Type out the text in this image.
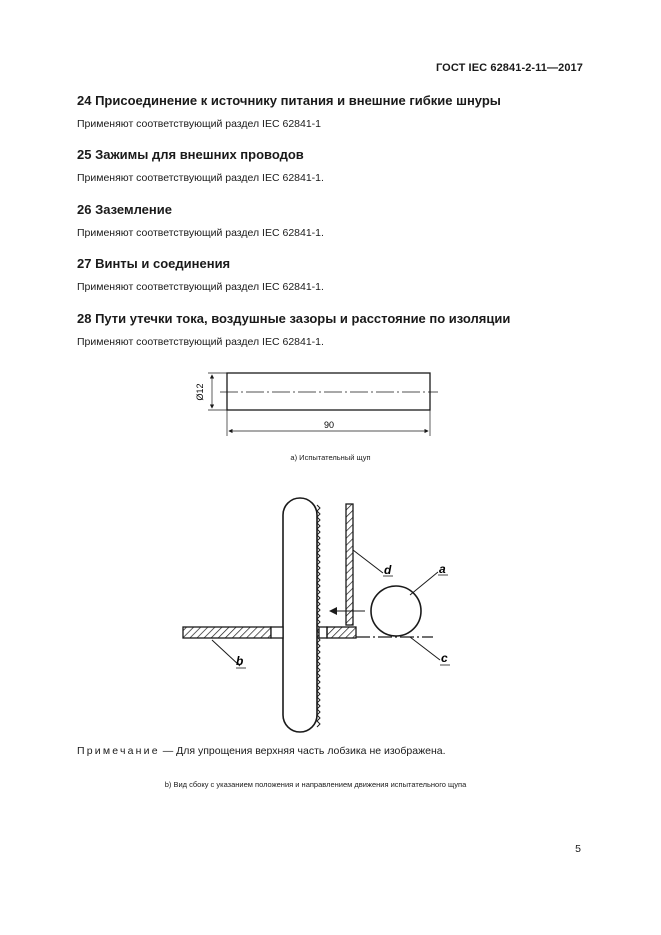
ГОСТ IEC 62841-2-11—2017
24 Присоединение к источнику питания и внешние гибкие шнуры
Применяют соответствующий раздел IEC 62841-1
25 Зажимы для внешних проводов
Применяют соответствующий раздел IEC 62841-1.
26 Заземление
Применяют соответствующий раздел IEC 62841-1.
27 Винты и соединения
Применяют соответствующий раздел IEC 62841-1.
28 Пути утечки тока, воздушные зазоры и расстояние по изоляции
Применяют соответствующий раздел IEC 62841-1.
Ø12
90
a) Испытательный щуп
b	c
d	a
Примечание — Для упрощения верхняя часть лобзика не изображена.
b) Вид сбоку с указанием положения и направлением движения испытательного щупа
5
